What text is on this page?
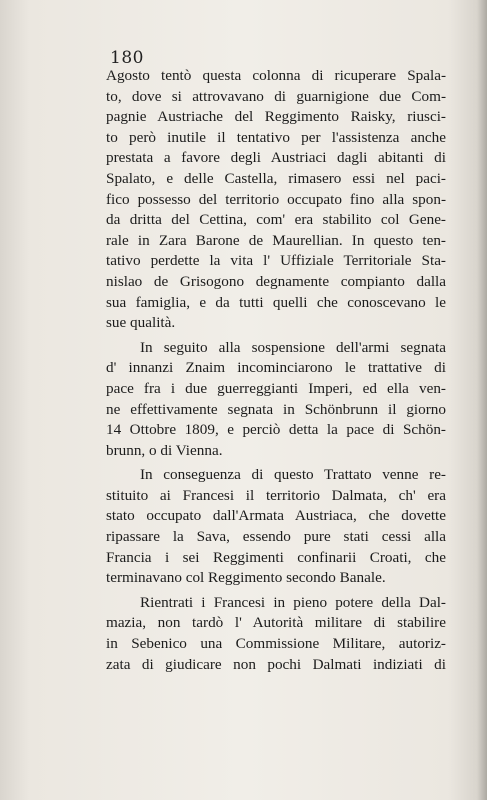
180
Agosto tentò questa colonna di ricuperare Spala-
to, dove si attrovavano di guarnigione due Com-
pagnie Austriache del Reggimento Raisky, riusci-
to però inutile il tentativo per l'assistenza anche
prestata a favore degli Austriaci dagli abitanti di
Spalato, e delle Castella, rimasero essi nel paci-
fico possesso del territorio occupato fino alla spon-
da dritta del Cettina, com' era stabilito col Gene-
rale in Zara Barone de Maurellian. In questo ten-
tativo perdette la vita l' Uffiziale Territoriale Sta-
nislao de Grisogono degnamente compianto dalla
sua famiglia, e da tutti quelli che conoscevano le
sue qualità.
In seguito alla sospensione dell'armi segnata
d' innanzi Znaim incominciarono le trattative di
pace fra i due guerreggianti Imperi, ed ella ven-
ne effettivamente segnata in Schönbrunn il giorno
14 Ottobre 1809, e perciò detta la pace di Schön-
brunn, o di Vienna.
In conseguenza di questo Trattato venne re-
stituito ai Francesi il territorio Dalmata, ch' era
stato occupato dall'Armata Austriaca, che dovette
ripassare la Sava, essendo pure stati cessi alla
Francia i sei Reggimenti confinarii Croati, che
terminavano col Reggimento secondo Banale.
Rientrati i Francesi in pieno potere della Dal-
mazia, non tardò l' Autorità militare di stabilire
in Sebenico una Commissione Militare, autoriz-
zata di giudicare non pochi Dalmati indiziati di
